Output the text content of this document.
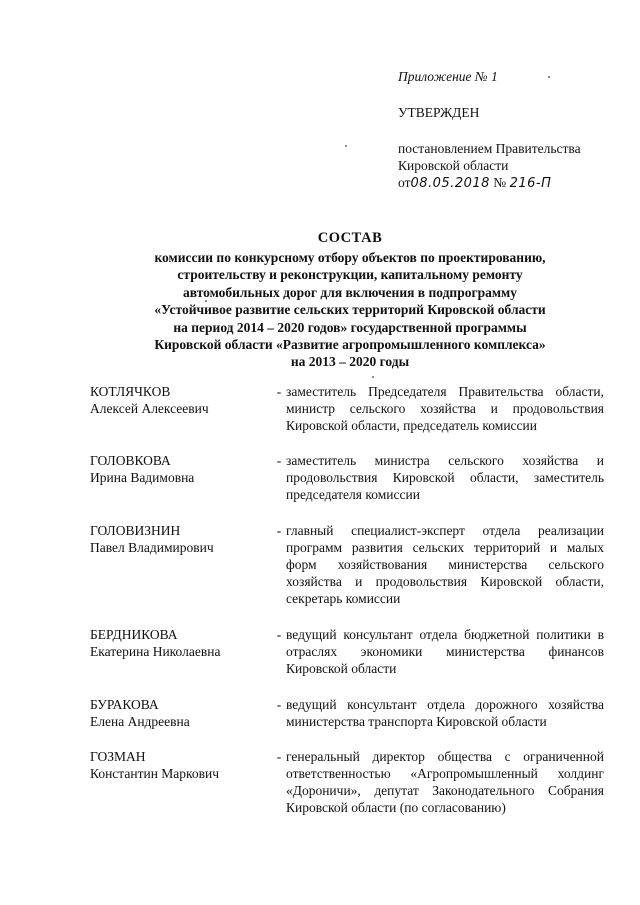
Приложение № 1
УТВЕРЖДЕН
постановлением Правительства
Кировской области
от08.05.2018 № 216-П
СОСТАВ
комиссии по конкурсному отбору объектов по проектированию,
строительству и реконструкции, капитальному ремонту
автомобильных дорог для включения в подпрограмму
«Устойчивое развитие сельских территорий Кировской области
на период 2014 – 2020 годов» государственной программы
Кировской области «Развитие агропромышленного комплекса»
на 2013 – 2020 годы
КОТЛЯЧКОВ
Алексей Алексеевич
- заместитель Председателя Правительства области, министр сельского хозяйства и продовольствия Кировской области, председатель комиссии
ГОЛОВКОВА
Ирина Вадимовна
- заместитель министра сельского хозяйства и продовольствия Кировской области, заместитель председателя комиссии
ГОЛОВИЗНИН
Павел Владимирович
- главный специалист-эксперт отдела реализации программ развития сельских территорий и малых форм хозяйствования министерства сельского хозяйства и продовольствия Кировской области, секретарь комиссии
БЕРДНИКОВА
Екатерина Николаевна
- ведущий консультант отдела бюджетной политики в отраслях экономики министерства финансов Кировской области
БУРАКОВА
Елена Андреевна
- ведущий консультант отдела дорожного хозяйства министерства транспорта Кировской области
ГОЗМАН
Константин Маркович
- генеральный директор общества с ограниченной ответственностью «Агропромышленный холдинг «Дороничи», депутат Законодательного Собрания Кировской области (по согласованию)
